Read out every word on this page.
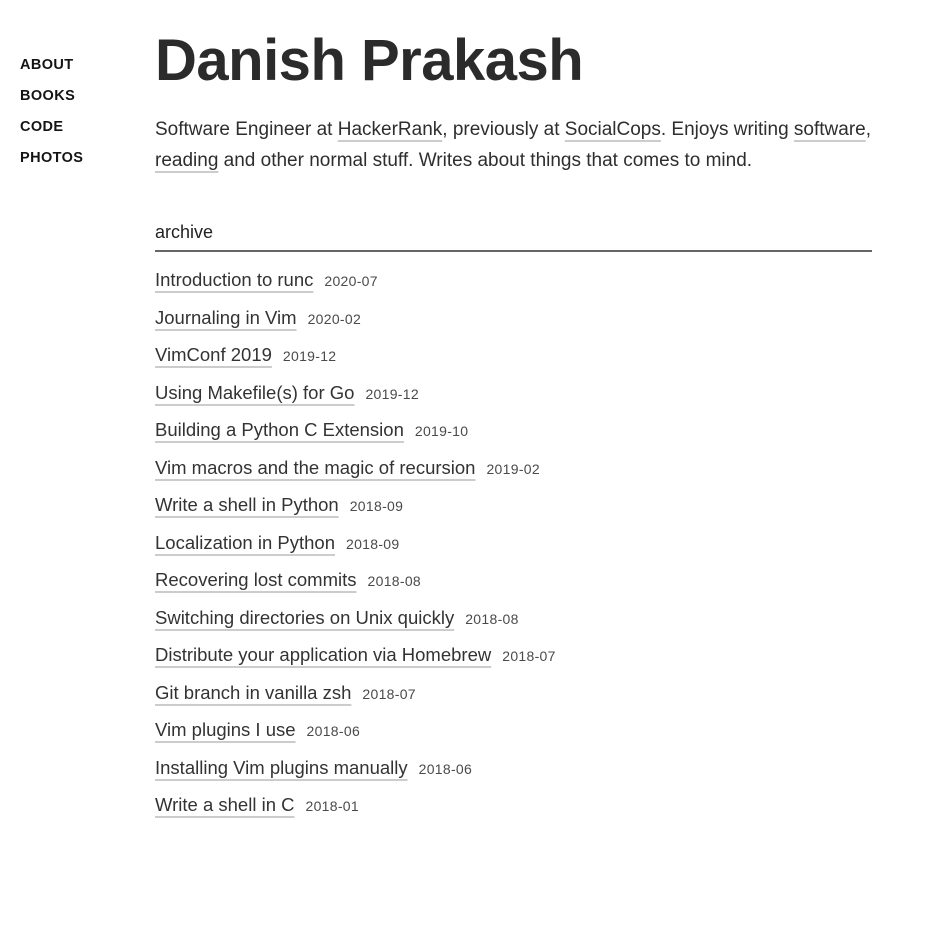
ABOUT
BOOKS
CODE
PHOTOS
Danish Prakash

Software Engineer at HackerRank, previously at SocialCops. Enjoys writing software, reading and other normal stuff. Writes about things that comes to mind.

archive
Introduction to runc 2020-07
Journaling in Vim 2020-02
VimConf 2019 2019-12
Using Makefile(s) for Go 2019-12
Building a Python C Extension 2019-10
Vim macros and the magic of recursion 2019-02
Write a shell in Python 2018-09
Localization in Python 2018-09
Recovering lost commits 2018-08
Switching directories on Unix quickly 2018-08
Distribute your application via Homebrew 2018-07
Git branch in vanilla zsh 2018-07
Vim plugins I use 2018-06
Installing Vim plugins manually 2018-06
Write a shell in C 2018-01
